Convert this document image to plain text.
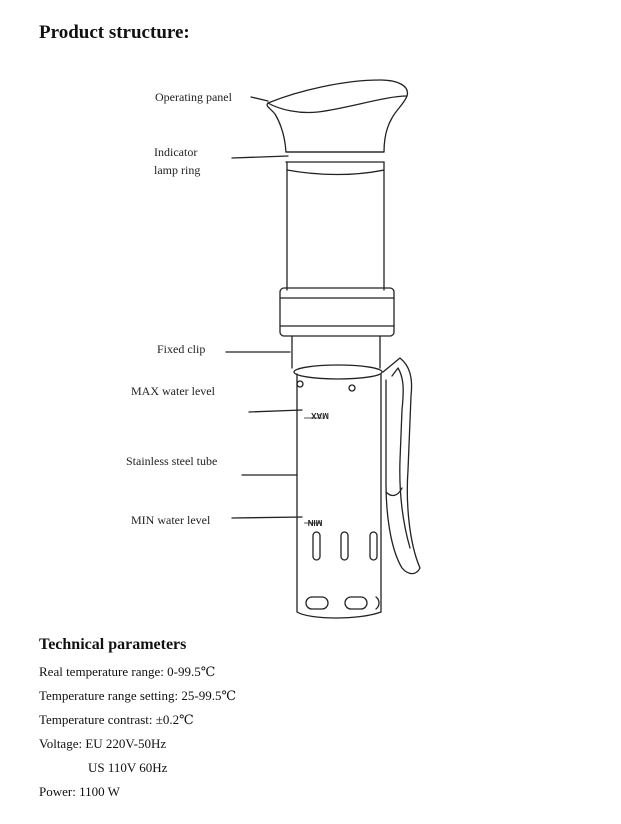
Product structure:
MAX
MIN
Operating panel
Indicator
lamp ring
Fixed clip
MAX water level
Stainless steel tube
MIN water level
Technical parameters
Real temperature range: 0-99.5℃
Temperature range setting: 25-99.5℃
Temperature contrast: ±0.2℃
Voltage: EU 220V-50Hz
US 110V 60Hz
Power: 1100 W
